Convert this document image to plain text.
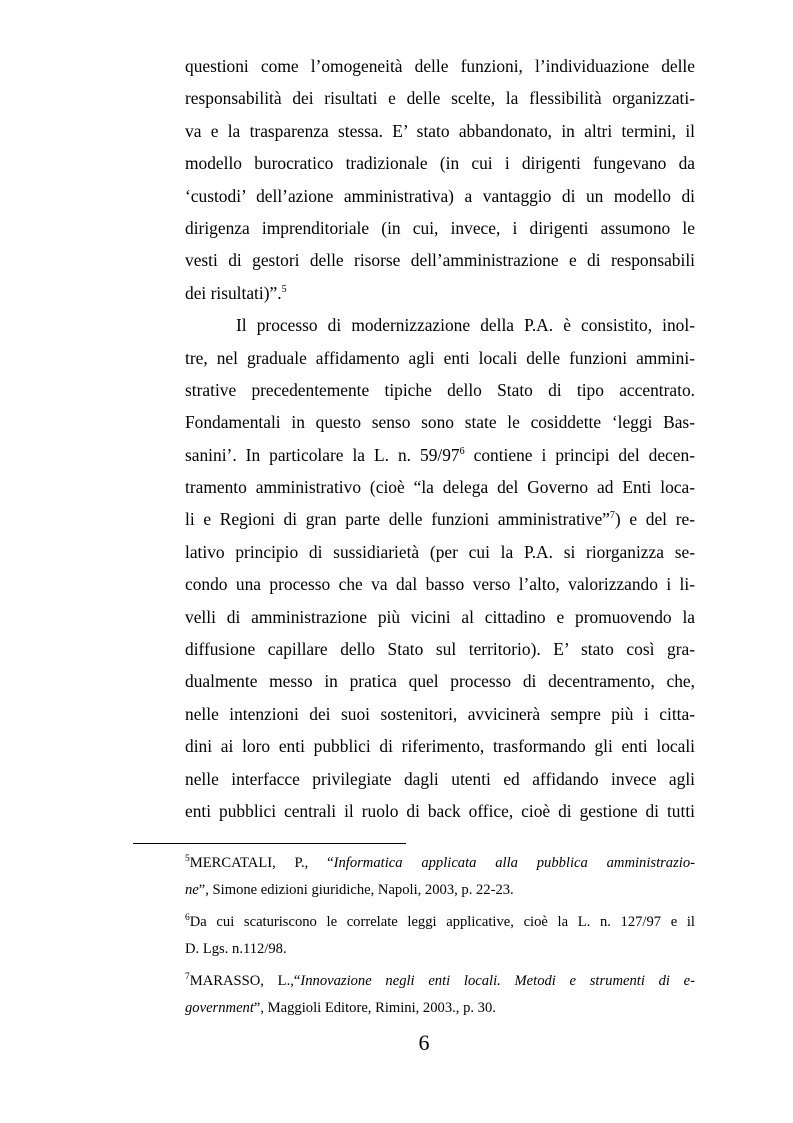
questioni come l’omogeneità delle funzioni, l’individuazione delle
responsabilità dei risultati e delle scelte, la flessibilità organizzati-
va e la trasparenza stessa. E’ stato abbandonato, in altri termini, il
modello burocratico tradizionale (in cui i dirigenti fungevano da
‘custodi’ dell’azione amministrativa) a vantaggio di un modello di
dirigenza imprenditoriale (in cui, invece, i dirigenti assumono le
vesti di gestori delle risorse dell’amministrazione e di responsabili
dei risultati)”.$^5$
Il processo di modernizzazione della P.A. è consistito, inol-
tre, nel graduale affidamento agli enti locali delle funzioni ammini-
strative precedentemente tipiche dello Stato di tipo accentrato.
Fondamentali in questo senso sono state le cosiddette ‘leggi Bas-
sanini’. In particolare la L. n. $59/97^6$ contiene i principi del decen-
tramento amministrativo (cioè “la delega del Governo ad Enti loca-
li e Regioni di gran parte delle funzioni amministrative”$^7$) e del re-
lativo principio di sussidiarietà (per cui la P.A. si riorganizza se-
condo una processo che va dal basso verso l’alto, valorizzando i li-
velli di amministrazione più vicini al cittadino e promuovendo la
diffusione capillare dello Stato sul territorio). E’ stato così gra-
dualmente messo in pratica quel processo di decentramento, che,
nelle intenzioni dei suoi sostenitori, avvicinerà sempre più i citta-
dini ai loro enti pubblici di riferimento, trasformando gli enti locali
nelle interfacce privilegiate dagli utenti ed affidando invece agli
enti pubblici centrali il ruolo di back office, cioè di gestione di tutti
$^5$MERCATALI, P., “Informatica applicata alla pubblica amministrazio-
ne”, Simone edizioni giuridiche, Napoli, 2003, p. 22-23.
$^6$Da cui scaturiscono le correlate leggi applicative, cioè la L. n. 127/97 e il
D. Lgs. n.112/98.
$^7$MARASSO, L.,“Innovazione negli enti locali. Metodi e strumenti di e-
government”, Maggioli Editore, Rimini, 2003., p. 30.
6
